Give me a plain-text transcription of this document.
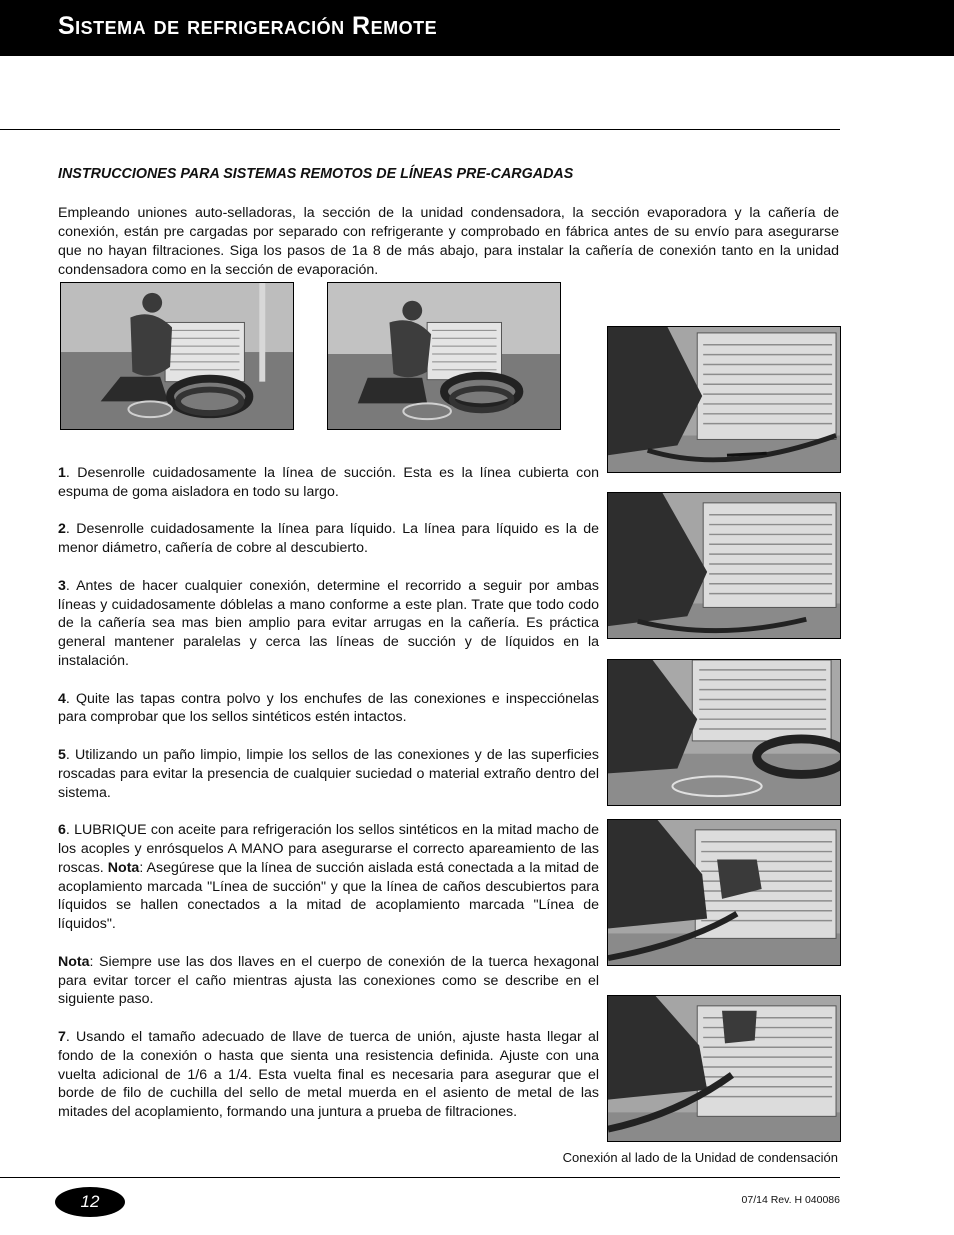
Sistema de refrigeración Remote
INSTRUCCIONES PARA SISTEMAS REMOTOS DE LÍNEAS PRE-CARGADAS

Empleando uniones auto-selladoras, la sección de la unidad condensadora, la sección evaporadora y la cañería de conexión, están pre cargadas por separado con refrigerante y comprobado en fábrica antes de su envío para asegurarse que no hayan filtraciones. Siga los pasos de 1a 8 de más abajo, para instalar la cañería de conexión tanto en la unidad condensadora como en la sección de evaporación.

1. Desenrolle cuidadosamente la línea de succión. Esta es la línea cubierta con espuma de goma aisladora en todo su largo.

2. Desenrolle cuidadosamente la línea para líquido. La línea para líquido es la de menor diámetro, cañería de cobre al descubierto.

3. Antes de hacer cualquier conexión, determine el recorrido a seguir por ambas líneas y cuidadosamente dóblelas a mano conforme a este plan. Trate que todo codo de la cañería sea mas bien amplio para evitar arrugas en la cañería. Es práctica general mantener paralelas y cerca las líneas de succión y de líquidos en la instalación.

4. Quite las tapas contra polvo y los enchufes de las conexiones e inspecciónelas para comprobar que los sellos sintéticos estén intactos.

5. Utilizando un paño limpio, limpie los sellos de las conexiones y de las superficies roscadas para evitar la presencia de cualquier suciedad o material extraño dentro del sistema.

6. LUBRIQUE con aceite para refrigeración los sellos sintéticos en la mitad macho de los acoples y enrósquelos A MANO para asegurarse el correcto apareamiento de las roscas. Nota: Asegúrese que la línea de succión aislada está conectada a la mitad de acoplamiento marcada "Línea de succión" y que la línea de caños descubiertos para líquidos se hallen conectados a la mitad de acoplamiento marcada "Línea de líquidos".

Nota: Siempre use las dos llaves en el cuerpo de conexión de la tuerca hexagonal para evitar torcer el caño mientras ajusta las conexiones como se describe en el siguiente paso.

7. Usando el tamaño adecuado de llave de tuerca de unión, ajuste hasta llegar al fondo de la conexión o hasta que sienta una resistencia definida. Ajuste con una vuelta adicional de 1/6 a 1/4. Esta vuelta final es necesaria para asegurar que el borde de filo de cuchilla del sello de metal muerda en el asiento de metal de las mitades del acoplamiento, formando una juntura a prueba de filtraciones.

Conexión al lado de la Unidad de condensación
12	07/14 Rev. H 040086
